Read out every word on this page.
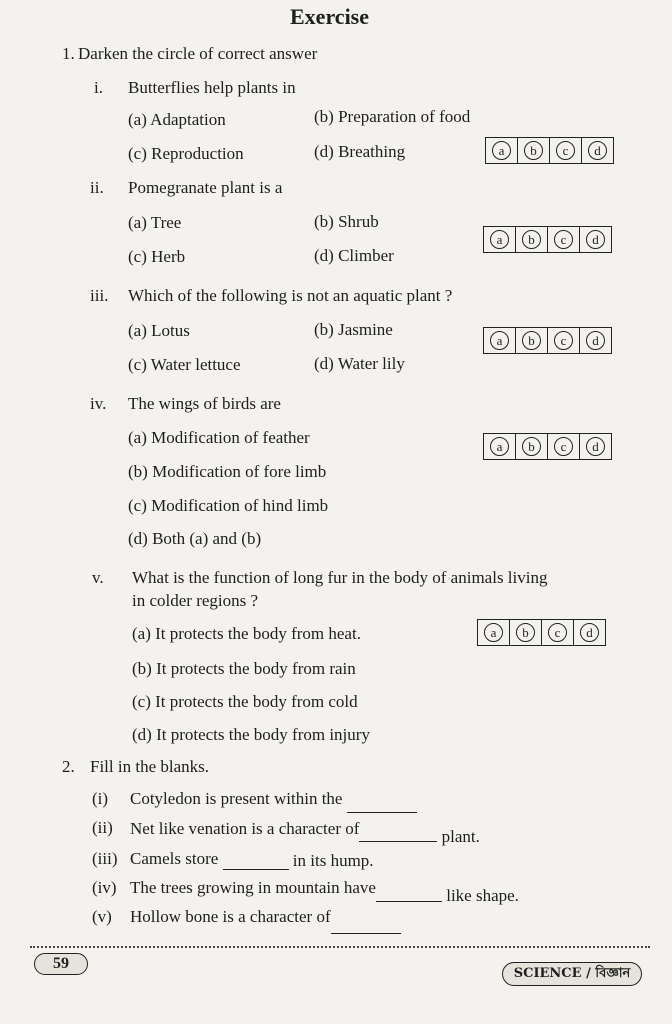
Exercise
1. Darken the circle of correct answer
i. Butterflies help plants in
(a) Adaptation	(b) Preparation of food
(c) Reproduction	(d) Breathing	a	b	c	d
ii. Pomegranate plant is a
(a) Tree	(b) Shrub
(c) Herb	(d) Climber
a	b	c	d
iii. Which of the following is not an aquatic plant ?
(a) Lotus	(b) Jasmine
(c) Water lettuce	(d) Water lily
a	b	c	d
iv. The wings of birds are
(a) Modification of feather
(b) Modification of fore limb
(c) Modification of hind limb
(d) Both (a) and (b)
a	b	c	d
v. What is the function of long fur in the body of animals living
in colder regions ?
(a) It protects the body from heat.
(b) It protects the body from rain
(c) It protects the body from cold
(d) It protects the body from injury
a	b	c	d
2. Fill in the blanks.
(i) Cotyledon is present within the
(ii) Net like venation is a character of	plant.
(iii) Camels store	in its hump.
(iv) The trees growing in mountain have	like shape.
(v) Hollow bone is a character of
59
SCIENCE / বিজ্ঞান
